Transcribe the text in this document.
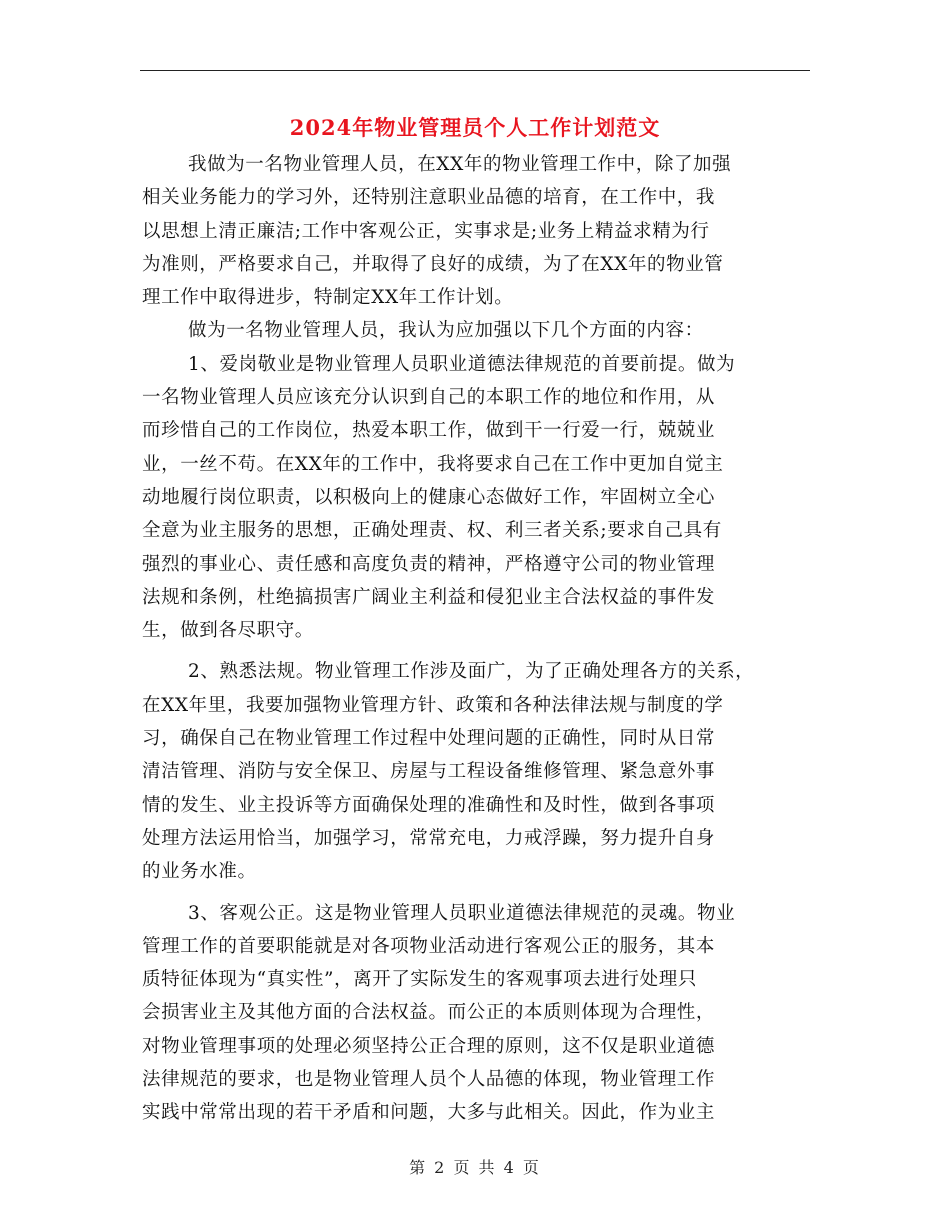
2024年物业管理员个人工作计划范文
我做为一名物业管理人员，在XX年的物业管理工作中，除了加强
相关业务能力的学习外，还特别注意职业品德的培育，在工作中，我
以思想上清正廉洁;工作中客观公正，实事求是;业务上精益求精为行
为准则，严格要求自己，并取得了良好的成绩，为了在XX年的物业管
理工作中取得进步，特制定XX年工作计划。
做为一名物业管理人员，我认为应加强以下几个方面的内容：
1、爱岗敬业是物业管理人员职业道德法律规范的首要前提。做为
一名物业管理人员应该充分认识到自己的本职工作的地位和作用，从
而珍惜自己的工作岗位，热爱本职工作，做到干一行爱一行，兢兢业
业，一丝不苟。在XX年的工作中，我将要求自己在工作中更加自觉主
动地履行岗位职责，以积极向上的健康心态做好工作，牢固树立全心
全意为业主服务的思想，正确处理责、权、利三者关系;要求自己具有
强烈的事业心、责任感和高度负责的精神，严格遵守公司的物业管理
法规和条例，杜绝搞损害广阔业主利益和侵犯业主合法权益的事件发
生，做到各尽职守。
2、熟悉法规。物业管理工作涉及面广，为了正确处理各方的关系，
在XX年里，我要加强物业管理方针、政策和各种法律法规与制度的学
习，确保自己在物业管理工作过程中处理问题的正确性，同时从日常
清洁管理、消防与安全保卫、房屋与工程设备维修管理、紧急意外事
情的发生、业主投诉等方面确保处理的准确性和及时性，做到各事项
处理方法运用恰当，加强学习，常常充电，力戒浮躁，努力提升自身
的业务水准。
3、客观公正。这是物业管理人员职业道德法律规范的灵魂。物业
管理工作的首要职能就是对各项物业活动进行客观公正的服务，其本
质特征体现为“真实性”，离开了实际发生的客观事项去进行处理只
会损害业主及其他方面的合法权益。而公正的本质则体现为合理性，
对物业管理事项的处理必须坚持公正合理的原则，这不仅是职业道德
法律规范的要求，也是物业管理人员个人品德的体现，物业管理工作
实践中常常出现的若干矛盾和问题，大多与此相关。因此，作为业主
第 2 页 共 4 页
